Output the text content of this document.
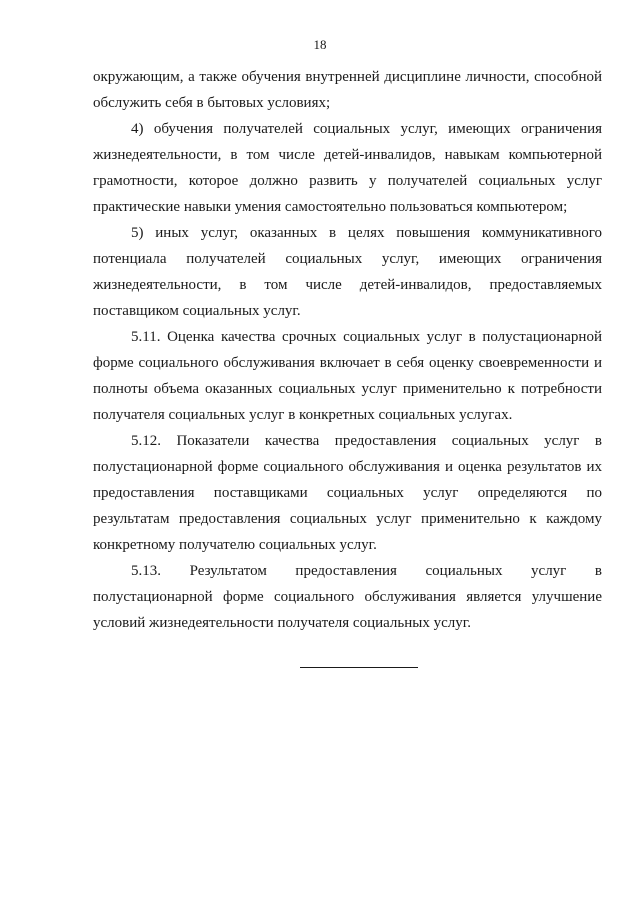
18

окружающим, а также обучения внутренней дисциплине личности, способной
обслужить себя в бытовых условиях;

4) обучения получателей социальных услуг, имеющих ограничения
жизнедеятельности, в том числе детей-инвалидов, навыкам компьютерной
грамотности, которое должно развить у получателей социальных услуг
практические навыки умения самостоятельно пользоваться компьютером;

5) иных услуг, оказанных в целях повышения коммуникативного
потенциала получателей социальных услуг, имеющих ограничения
жизнедеятельности, в том числе детей-инвалидов, предоставляемых
поставщиком социальных услуг.

5.11. Оценка качества срочных социальных услуг в полустационарной
форме социального обслуживания включает в себя оценку своевременности и
полноты объема оказанных социальных услуг применительно к потребности
получателя социальных услуг в конкретных социальных услугах.

5.12. Показатели качества предоставления социальных услуг в
полустационарной форме социального обслуживания и оценка результатов их
предоставления поставщиками социальных услуг определяются по
результатам предоставления социальных услуг применительно к каждому
конкретному получателю социальных услуг.

5.13. Результатом предоставления социальных услуг в
полустационарной форме социального обслуживания является улучшение
условий жизнедеятельности получателя социальных услуг.
